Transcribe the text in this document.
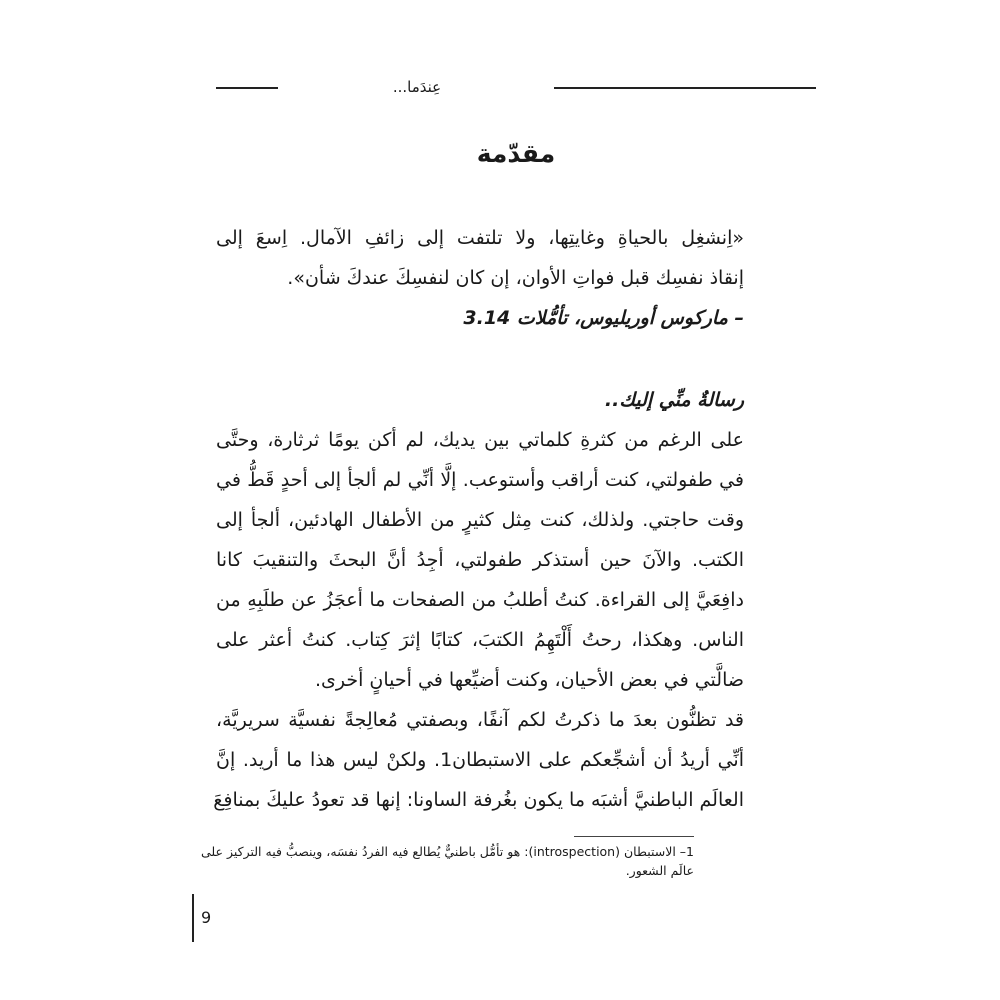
عِندَما...
مقدّمة
«اِنشغِل بالحياةِ وغايتِها، ولا تلتفت إلى زائفِ الآمال. اِسعَ إلى
إنقاذ نفسِك قبل فواتِ الأوان، إن كان لنفسِكَ عندكَ شأن».
– ماركوس أوريليوس، تأمُّلات 3.14
رسالةٌ منِّي إليك..
على الرغم من كثرةِ كلماتي بين يديك، لم أكن يومًا ثرثارة، وحتَّى
في طفولتي، كنت أراقب وأستوعب. إلَّا أنِّي لم ألجأ إلى أحدٍ قَطُّ في
وقت حاجتي. ولذلك، كنت مِثل كثيرٍ من الأطفال الهادئين، ألجأ إلى
الكتب. والآنَ حين أستذكر طفولتي، أجِدُ أنَّ البحثَ والتنقيبَ كانا
دافِعَيَّ إلى القراءة. كنتُ أطلبُ من الصفحات ما أعجَزُ عن طلَبِهِ من
الناس. وهكذا، رحتُ أَلْتَهِمُ الكتبَ، كتابًا إثرَ كِتاب. كنتُ أعثر على
ضالَّتي في بعض الأحيان، وكنت أضيِّعها في أحيانٍ أخرى.
قد تظنُّون بعدَ ما ذكرتُ لكم آنفًا، وبصفتي مُعالِجةً نفسيَّة سريريَّة،
أنِّي أريدُ أن أشجِّعكم على الاستبطان1. ولكنْ ليس هذا ما أريد. إنَّ
العالَم الباطنيَّ أشبَه ما يكون بغُرفة الساونا: إنها قد تعودُ عليكَ بمنافِعَ
1– الاستبطان (introspection): هو تأمُّل باطنيٌّ يُطالع فيه الفردُ نفسَه، وينصبُّ فيه التركيز على
عالَم الشعور.
9
